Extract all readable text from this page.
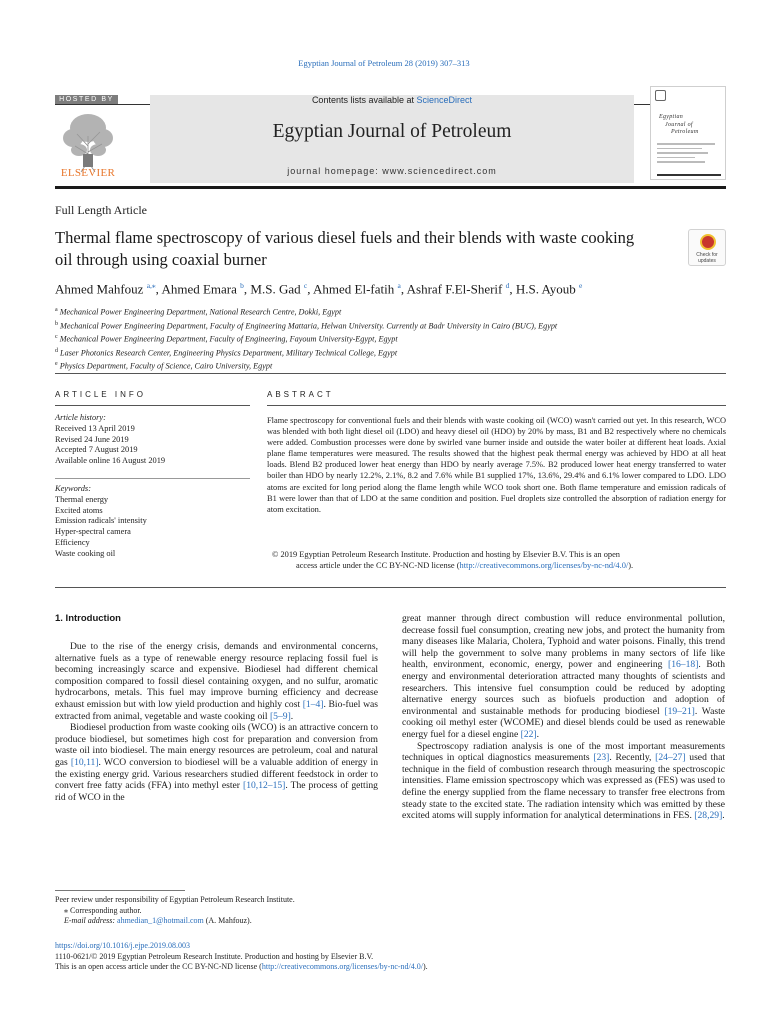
Egyptian Journal of Petroleum 28 (2019) 307–313
HOSTED BY
ELSEVIER
Contents lists available at ScienceDirect
Egyptian Journal of Petroleum
journal homepage: www.sciencedirect.com
Egyptian
Journal of
Petroleum
Full Length Article
Thermal flame spectroscopy of various diesel fuels and their blends with waste cooking oil through using coaxial burner	Check for updates
Ahmed Mahfouz $^{a,⁎}$, Ahmed Emara $^b$, M.S. Gad $^c$, Ahmed El-fatih $^a$, Ashraf F.El-Sherif $^d$, H.S. Ayoub $^e$
$^a$ Mechanical Power Engineering Department, National Research Centre, Dokki, Egypt
$^b$ Mechanical Power Engineering Department, Faculty of Engineering Mattaria, Helwan University. Currently at Badr University in Cairo (BUC), Egypt
$^c$ Mechanical Power Engineering Department, Faculty of Engineering, Fayoum University-Egypt, Egypt
$^d$ Laser Photonics Research Center, Engineering Physics Department, Military Technical College, Egypt
$^e$ Physics Department, Faculty of Science, Cairo University, Egypt
ARTICLE INFO
Article history:
Received 13 April 2019
Revised 24 June 2019
Accepted 7 August 2019
Available online 16 August 2019
Keywords:
Thermal energy
Excited atoms
Emission radicals' intensity
Hyper-spectral camera
Efficiency
Waste cooking oil
ABSTRACT
Flame spectroscopy for conventional fuels and their blends with waste cooking oil (WCO) wasn't carried out yet. In this research, WCO was blended with both light diesel oil (LDO) and heavy diesel oil (HDO) by 20% by mass, B1 and B2 respectively where no chemicals were added. Combustion processes were done by swirled vane burner inside and outside the water boiler at different heat loads. Axial plane flame temperatures were measured. The results showed that the highest peak thermal energy was achieved by HDO at all heat loads. Blend B2 produced lower heat energy than HDO by nearly average 7.5%. B2 produced lower heat energy transferred to water boiler than HDO by nearly 12.2%, 2.1%, 8.2 and 7.6% while B1 supplied 17%, 13.6%, 29.4% and 6.1% lower compared to LDO. LDO atoms are excited for long period along the flame length while WCO took short one. Both flame temperature and emission radicals of B1 were lower than that of LDO at the same condition and position. Fuel droplets size controlled the absorption of radiation energy for atom excitation.
© 2019 Egyptian Petroleum Research Institute. Production and hosting by Elsevier B.V. This is an open
access article under the CC BY-NC-ND license (http://creativecommons.org/licenses/by-nc-nd/4.0/).
1. Introduction

Due to the rise of the energy crisis, demands and environmental concerns, alternative fuels as a type of renewable energy resource replacing fossil fuel is becoming increasingly scarce and expensive. Biodiesel had different chemical composition compared to fossil diesel containing oxygen, and no sulfur, aromatic hydrocarbons, metals. This fuel may improve burning efficiency and decrease exhaust emission but with low yield production and highly cost [1–4]. Bio-fuel was extracted from animal, vegetable and waste cooking oil [5–9].

Biodiesel production from waste cooking oils (WCO) is an attractive concern to produce biodiesel, but sometimes high cost for preparation and conversion from waste oil into biodiesel. The main energy resources are petroleum, coal and natural gas [10,11]. WCO conversion to biodiesel will be a valuable addition of energy in the existing energy grid. Various researchers studied different feedstock in order to convert free fatty acids (FFA) into methyl ester [10,12–15]. The process of getting rid of WCO in the

great manner through direct combustion will reduce environmental pollution, decrease fossil fuel consumption, creating new jobs, and protect the humanity from many diseases like Malaria, Cholera, Typhoid and water poisons. Finally, this trend will help the government to solve many problems in many sectors of life like health, environment, economic, energy, power and engineering [16–18]. Both energy and environmental deterioration attracted many thoughts of scientists and researchers. This intensive fuel consumption could be reduced by adopting alternative energy sources such as biofuels production and adoption of environmental and sustainable methods for producing biodiesel [19–21]. Waste cooking oil methyl ester (WCOME) and diesel blends could be used as renewable energy fuel for a diesel engine [22].

Spectroscopy radiation analysis is one of the most important measurements techniques in optical diagnostics measurements [23]. Recently, [24–27] used that technique in the field of combustion research through measuring the spectroscopic intensities. Flame emission spectroscopy which was expressed as (FES) was used to define the energy supplied from the flame necessary to transfer free electrons from steady state to the excited state. The radiation intensity which was emitted by these excited atoms will supply information for analytical determinations in FES. [28,29].

Peer review under responsibility of Egyptian Petroleum Research Institute.
⁎ Corresponding author.
E-mail address: ahmedian_1@hotmail.com (A. Mahfouz).
https://doi.org/10.1016/j.ejpe.2019.08.003
1110-0621/© 2019 Egyptian Petroleum Research Institute. Production and hosting by Elsevier B.V.
This is an open access article under the CC BY-NC-ND license (http://creativecommons.org/licenses/by-nc-nd/4.0/).
